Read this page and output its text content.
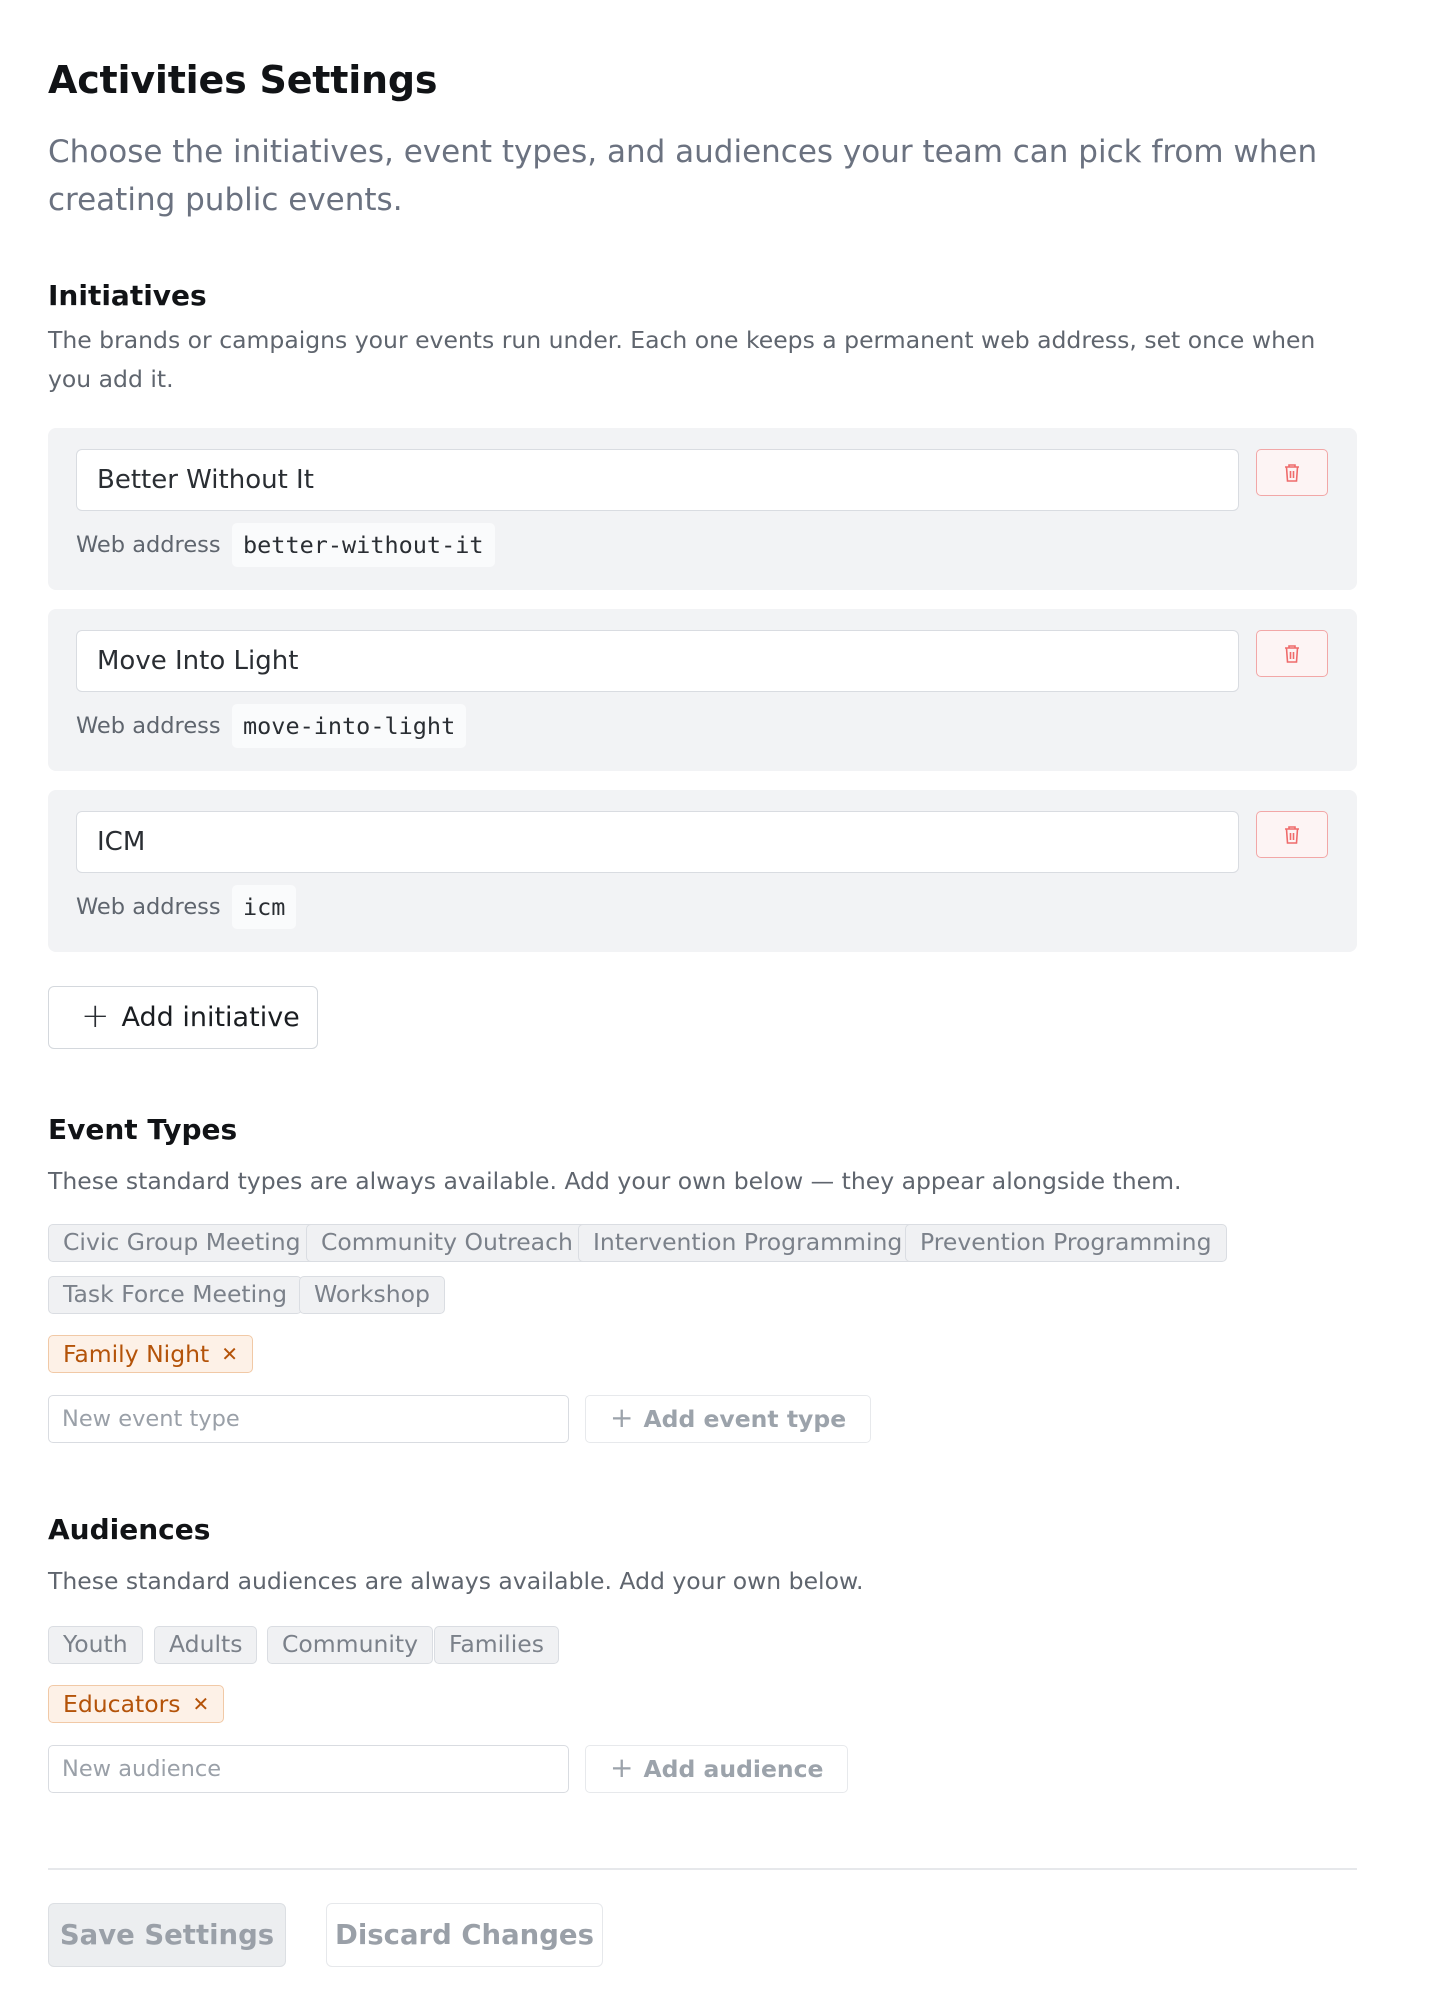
Activities Settings

Choose the initiatives, event types, and audiences your team can pick from when creating public events.

Initiatives

The brands or campaigns your events run under. Each one keeps a permanent web address, set once when you add it.

Better Without It
Web address better-without-it
Move Into Light
Web address move-into-light
ICM
Web address icm
+ Add initiative
Event Types

These standard types are always available. Add your own below — they appear alongside them.

Civic Group Meeting Community Outreach Intervention Programming Prevention Programming
Task Force Meeting	Workshop
Family Night ✕
New event type
+ Add event type
Audiences

These standard audiences are always available. Add your own below.

Youth	Adults	Community	Families
Educators ✕
New audience
+ Add audience
Save Settings	Discard Changes
